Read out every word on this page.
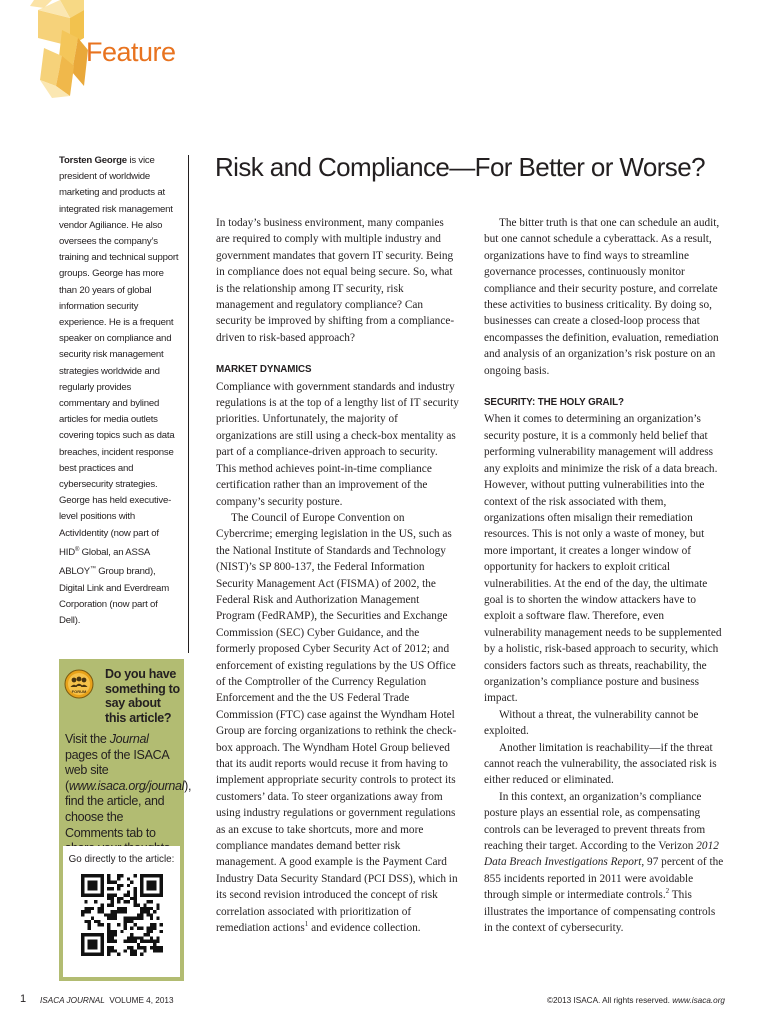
Feature
Torsten George is vice president of worldwide marketing and products at integrated risk management vendor Agiliance. He also oversees the company’s training and technical support groups. George has more than 20 years of global information security experience. He is a frequent speaker on compliance and security risk management strategies worldwide and regularly provides commentary and bylined articles for media outlets covering topics such as data breaches, incident response best practices and cybersecurity strategies. George has held executive-level positions with ActivIdentity (now part of HID® Global, an ASSA ABLOY™ Group brand), Digital Link and Everdream Corporation (now part of Dell).
FORUM
Do you have something to say about this article?
Visit the Journal pages of the ISACA web site (www.isaca.org/journal), find the article, and choose the Comments tab to
Go directly to the article:
Risk and Compliance—For Better or Worse?

In today’s business environment, many companies are required to comply with multiple industry and government mandates that govern IT security. Being in compliance does not equal being secure. So, what is the relationship among IT security, risk management and regulatory compliance? Can security be improved by shifting from a compliance-driven to risk-based approach?

MARKET DYNAMICS

Compliance with government standards and industry regulations is at the top of a lengthy list of IT security priorities. Unfortunately, the majority of organizations are still using a check-box mentality as part of a compliance-driven approach to security. This method achieves point-in-time compliance certification rather than an improvement of the company’s security posture.

The Council of Europe Convention on Cybercrime; emerging legislation in the US, such as the National Institute of Standards and Technology (NIST)’s SP 800-137, the Federal Information Security Management Act (FISMA) of 2002, the Federal Risk and Authorization Management Program (FedRAMP), the Securities and Exchange Commission (SEC) Cyber Guidance, and the formerly proposed Cyber Security Act of 2012; and enforcement of existing regulations by the US Office of the Comptroller of the Currency Regulation Enforcement and the the US Federal Trade Commission (FTC) case against the Wyndham Hotel Group are forcing organizations to rethink the check-box approach. The Wyndham Hotel Group believed that its audit reports would recuse it from having to implement appropriate security controls to protect its customers’ data. To steer organizations away from using industry regulations or government regulations as an excuse to take shortcuts, more and more compliance mandates demand better risk management. A good example is the Payment Card Industry Data Security Standard (PCI DSS), which in its second revision introduced the concept of risk correlation associated with prioritization of remediation actions$^1$ and evidence collection.

The bitter truth is that one can schedule an audit, but one cannot schedule a cyberattack. As a result, organizations have to find ways to streamline governance processes, continuously monitor compliance and their security posture, and correlate these activities to business criticality. By doing so, businesses can create a closed-loop process that encompasses the definition, evaluation, remediation and analysis of an organization’s risk posture on an ongoing basis.

SECURITY: THE HOLY GRAIL?

When it comes to determining an organization’s security posture, it is a commonly held belief that performing vulnerability management will address any exploits and minimize the risk of a data breach. However, without putting vulnerabilities into the context of the risk associated with them, organizations often misalign their remediation resources. This is not only a waste of money, but more important, it creates a longer window of opportunity for hackers to exploit critical vulnerabilities. At the end of the day, the ultimate goal is to shorten the window attackers have to exploit a software flaw. Therefore, even vulnerability management needs to be supplemented by a holistic, risk-based approach to security, which considers factors such as threats, reachability, the organization’s compliance posture and business impact.

Without a threat, the vulnerability cannot be exploited.

Another limitation is reachability—if the threat cannot reach the vulnerability, the associated risk is either reduced or eliminated.

In this context, an organization’s compliance posture plays an essential role, as compensating controls can be leveraged to prevent threats from reaching their target. According to the Verizon 2012 Data Breach Investigations Report, 97 percent of the 855 incidents reported in 2011 were avoidable through simple or intermediate controls.$^2$ This illustrates the importance of compensating controls in the context of cybersecurity.

1 ISACA JOURNAL VOLUME 4, 2013	©2013 ISACA. All rights reserved. www.isaca.org
